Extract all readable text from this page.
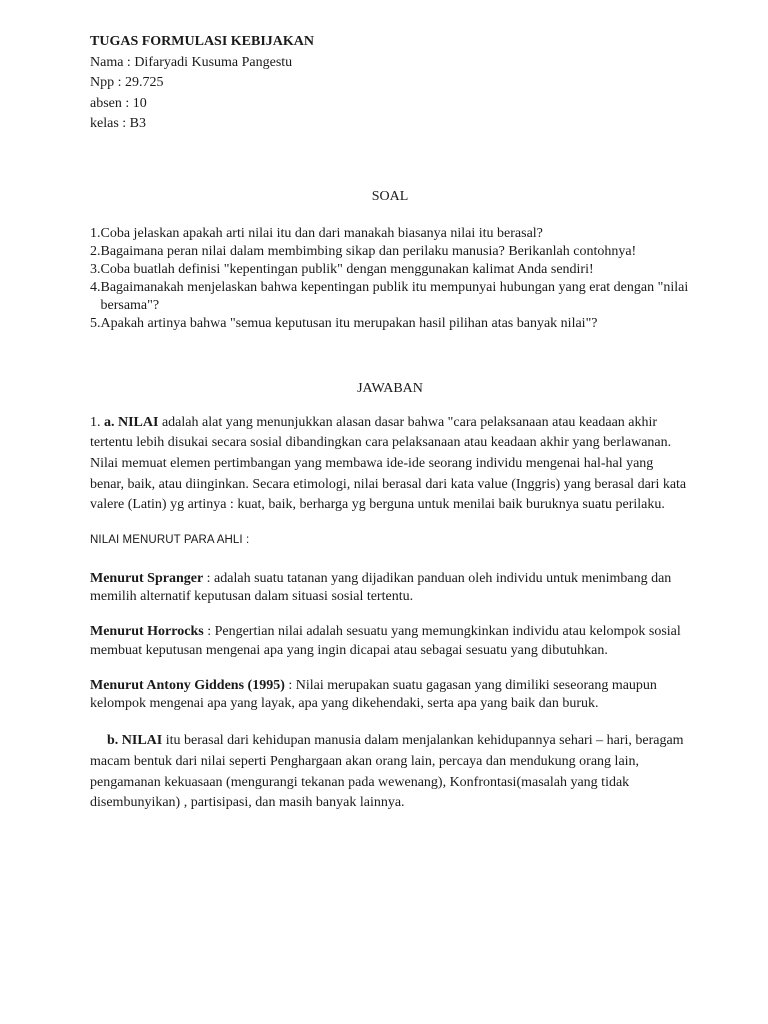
TUGAS FORMULASI KEBIJAKAN
Nama : Difaryadi Kusuma Pangestu
Npp : 29.725
absen : 10
kelas : B3
SOAL
1. Coba jelaskan apakah arti nilai itu dan dari manakah biasanya nilai itu berasal?
2. Bagaimana peran nilai dalam membimbing sikap dan perilaku manusia? Berikanlah contohnya!
3. Coba buatlah definisi "kepentingan publik" dengan menggunakan kalimat Anda sendiri!
4. Bagaimanakah menjelaskan bahwa kepentingan publik itu mempunyai hubungan yang erat dengan "nilai bersama"?
5. Apakah artinya bahwa "semua keputusan itu merupakan hasil pilihan atas banyak nilai"?
JAWABAN

1. a. NILAI adalah alat yang menunjukkan alasan dasar bahwa "cara pelaksanaan atau keadaan akhir tertentu lebih disukai secara sosial dibandingkan cara pelaksanaan atau keadaan akhir yang berlawanan. Nilai memuat elemen pertimbangan yang membawa ide-ide seorang individu mengenai hal-hal yang benar, baik, atau diinginkan. Secara etimologi, nilai berasal dari kata value (Inggris) yang berasal dari kata valere (Latin) yg artinya : kuat, baik, berharga yg berguna untuk menilai baik buruknya suatu perilaku.

NILAI MENURUT PARA AHLI :

Menurut Spranger : adalah suatu tatanan yang dijadikan panduan oleh individu untuk menimbang dan memilih alternatif keputusan dalam situasi sosial tertentu.

Menurut Horrocks : Pengertian nilai adalah sesuatu yang memungkinkan individu atau kelompok sosial membuat keputusan mengenai apa yang ingin dicapai atau sebagai sesuatu yang dibutuhkan.

Menurut Antony Giddens (1995) : Nilai merupakan suatu gagasan yang dimiliki seseorang maupun kelompok mengenai apa yang layak, apa yang dikehendaki, serta apa yang baik dan buruk.

b. NILAI itu berasal dari kehidupan manusia dalam menjalankan kehidupannya sehari – hari, beragam macam bentuk dari nilai seperti Penghargaan akan orang lain, percaya dan mendukung orang lain, pengamanan kekuasaan (mengurangi tekanan pada wewenang), Konfrontasi(masalah yang tidak disembunyikan) , partisipasi, dan masih banyak lainnya.
